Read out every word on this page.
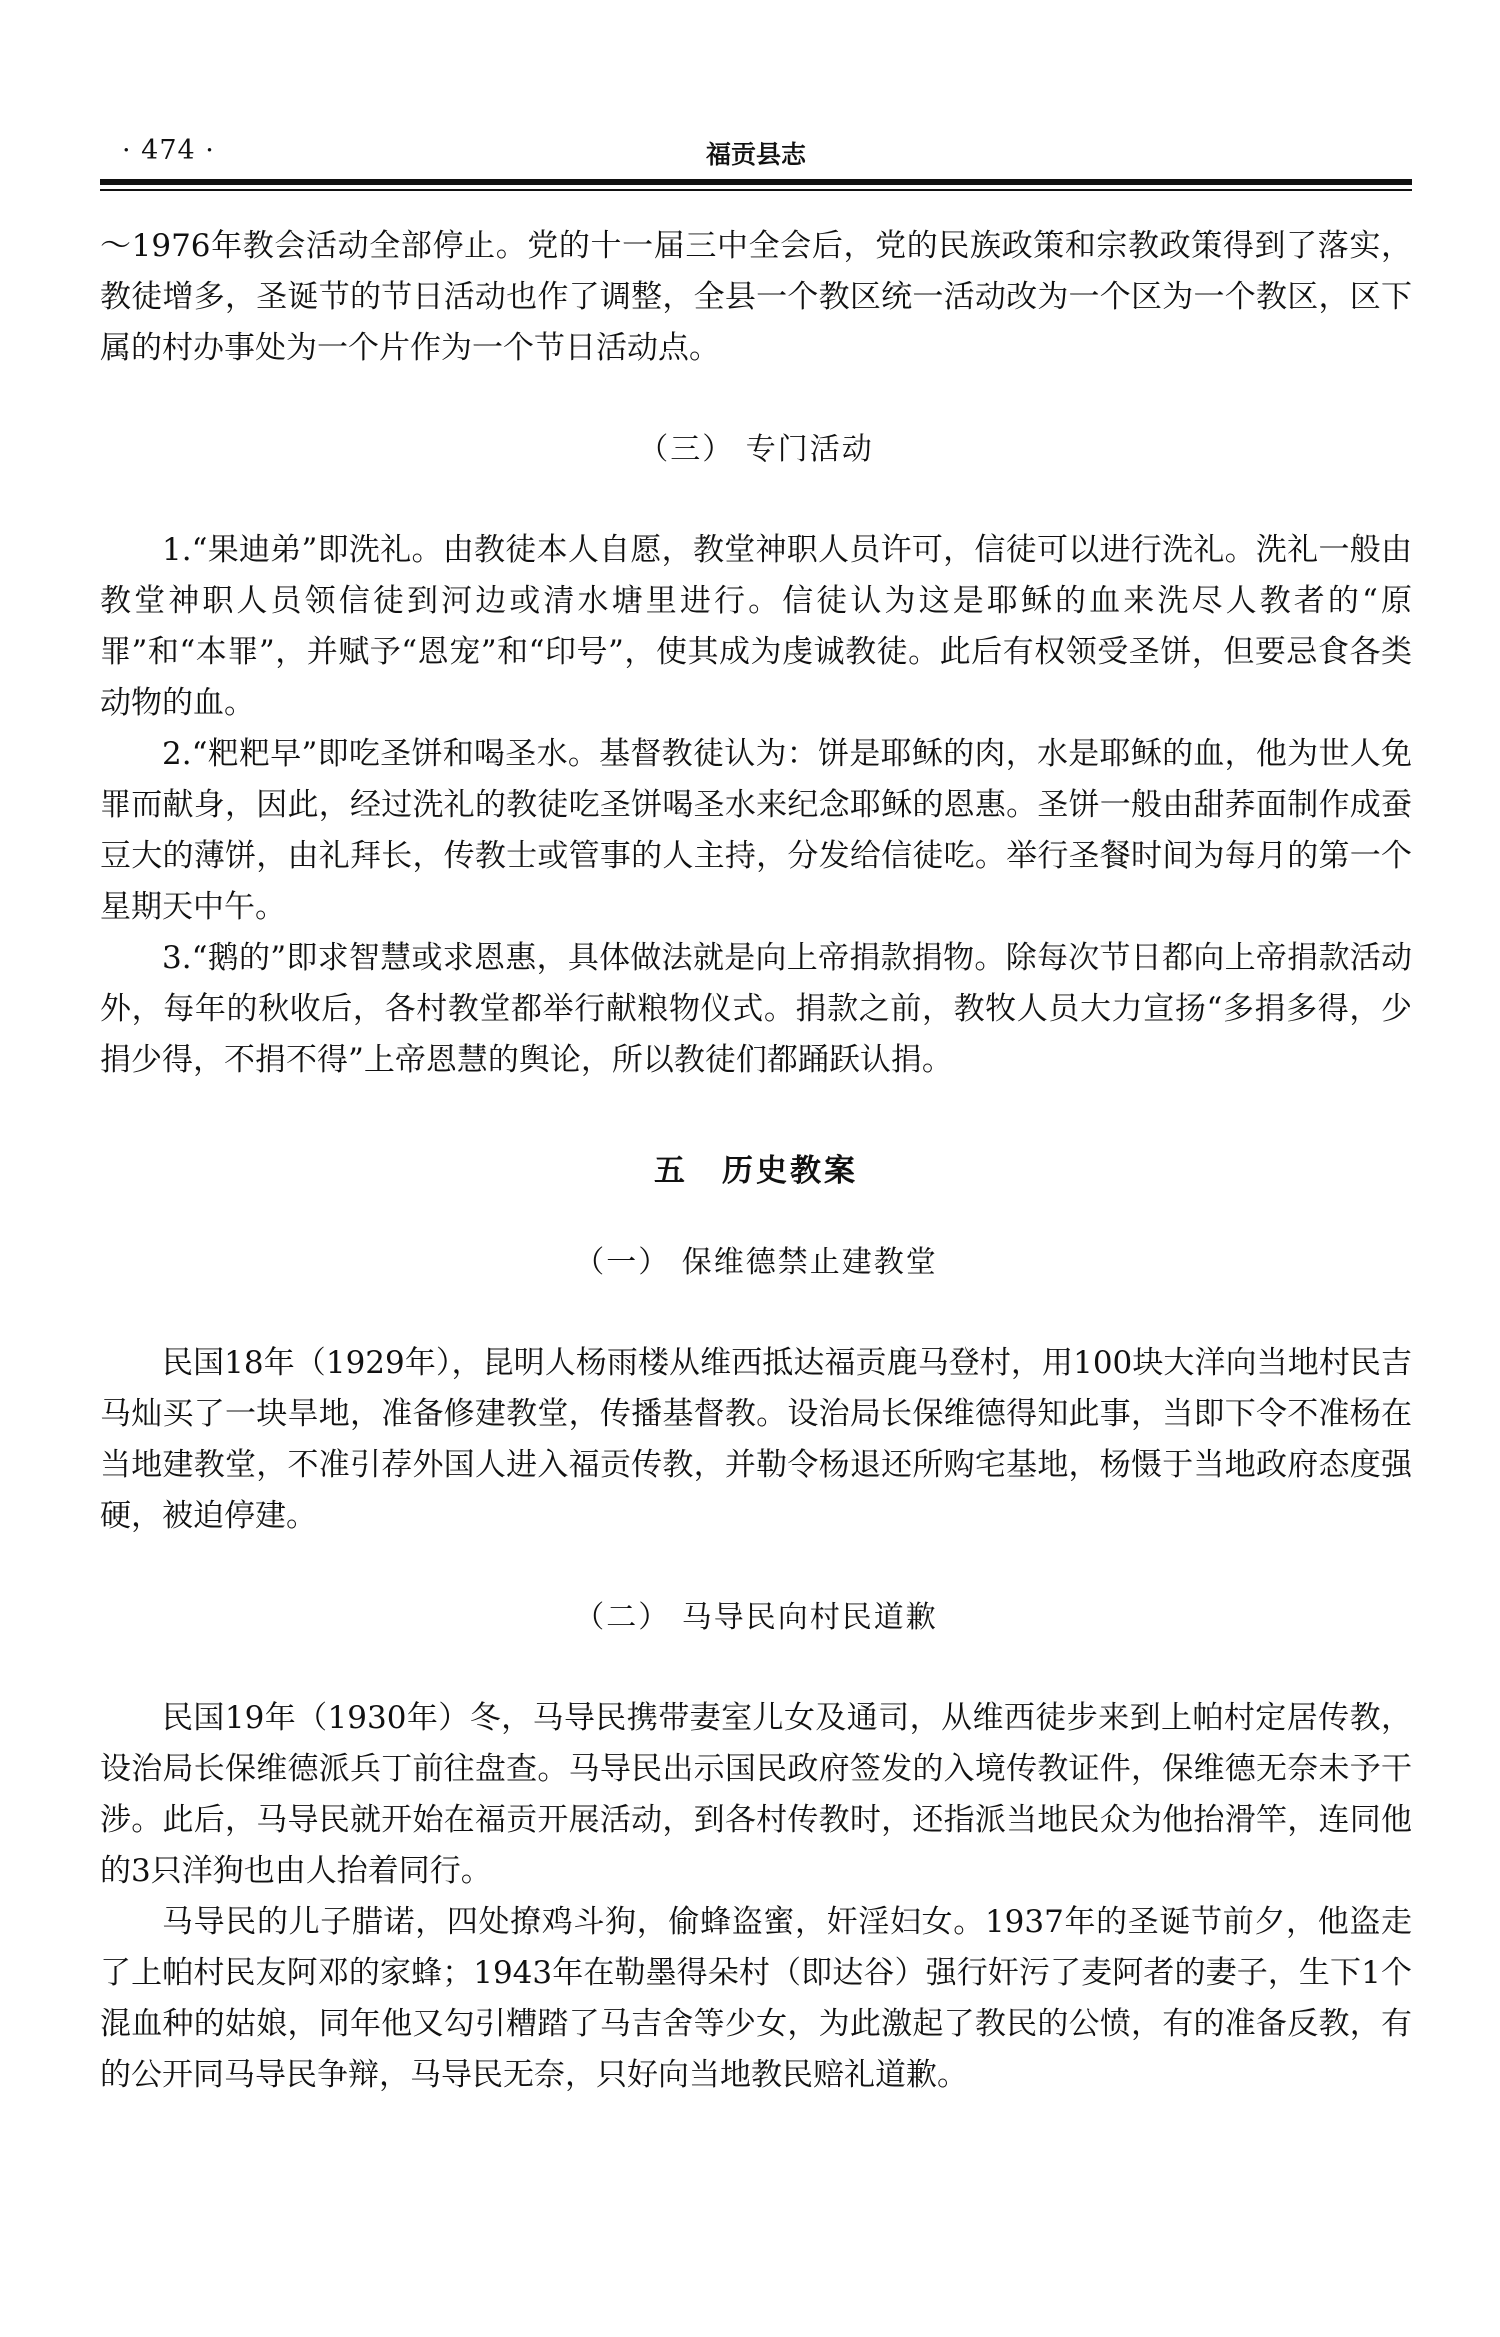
· 474 ·	福贡县志

～1976年教会活动全部停止。党的十一届三中全会后，党的民族政策和宗教政策得到了落实，教徒增多，圣诞节的节日活动也作了调整，全县一个教区统一活动改为一个区为一个教区，区下属的村办事处为一个片作为一个节日活动点。

（三） 专门活动

1.“果迪弟”即洗礼。由教徒本人自愿，教堂神职人员许可，信徒可以进行洗礼。洗礼一般由教堂神职人员领信徒到河边或清水塘里进行。信徒认为这是耶稣的血来洗尽人教者的“原罪”和“本罪”，并赋予“恩宠”和“印号”，使其成为虔诚教徒。此后有权领受圣饼，但要忌食各类动物的血。

2.“粑粑早”即吃圣饼和喝圣水。基督教徒认为：饼是耶稣的肉，水是耶稣的血，他为世人免罪而献身，因此，经过洗礼的教徒吃圣饼喝圣水来纪念耶稣的恩惠。圣饼一般由甜荞面制作成蚕豆大的薄饼，由礼拜长，传教士或管事的人主持，分发给信徒吃。举行圣餐时间为每月的第一个星期天中午。

3.“鹅的”即求智慧或求恩惠，具体做法就是向上帝捐款捐物。除每次节日都向上帝捐款活动外，每年的秋收后，各村教堂都举行献粮物仪式。捐款之前，教牧人员大力宣扬“多捐多得，少捐少得，不捐不得”上帝恩慧的舆论，所以教徒们都踊跃认捐。

五　历史教案
（一） 保维德禁止建教堂

民国18年（1929年），昆明人杨雨楼从维西抵达福贡鹿马登村，用100块大洋向当地村民吉马灿买了一块旱地，准备修建教堂，传播基督教。设治局长保维德得知此事，当即下令不准杨在当地建教堂，不准引荐外国人进入福贡传教，并勒令杨退还所购宅基地，杨慑于当地政府态度强硬，被迫停建。

（二） 马导民向村民道歉

民国19年（1930年）冬，马导民携带妻室儿女及通司，从维西徒步来到上帕村定居传教，设治局长保维德派兵丁前往盘查。马导民出示国民政府签发的入境传教证件，保维德无奈未予干涉。此后，马导民就开始在福贡开展活动，到各村传教时，还指派当地民众为他抬滑竿，连同他的3只洋狗也由人抬着同行。

马导民的儿子腊诺，四处撩鸡斗狗，偷蜂盗蜜，奸淫妇女。1937年的圣诞节前夕，他盗走了上帕村民友阿邓的家蜂；1943年在勒墨得朵村（即达谷）强行奸污了麦阿者的妻子，生下1个混血种的姑娘，同年他又勾引糟踏了马吉舍等少女，为此激起了教民的公愤，有的准备反教，有的公开同马导民争辩，马导民无奈，只好向当地教民赔礼道歉。
